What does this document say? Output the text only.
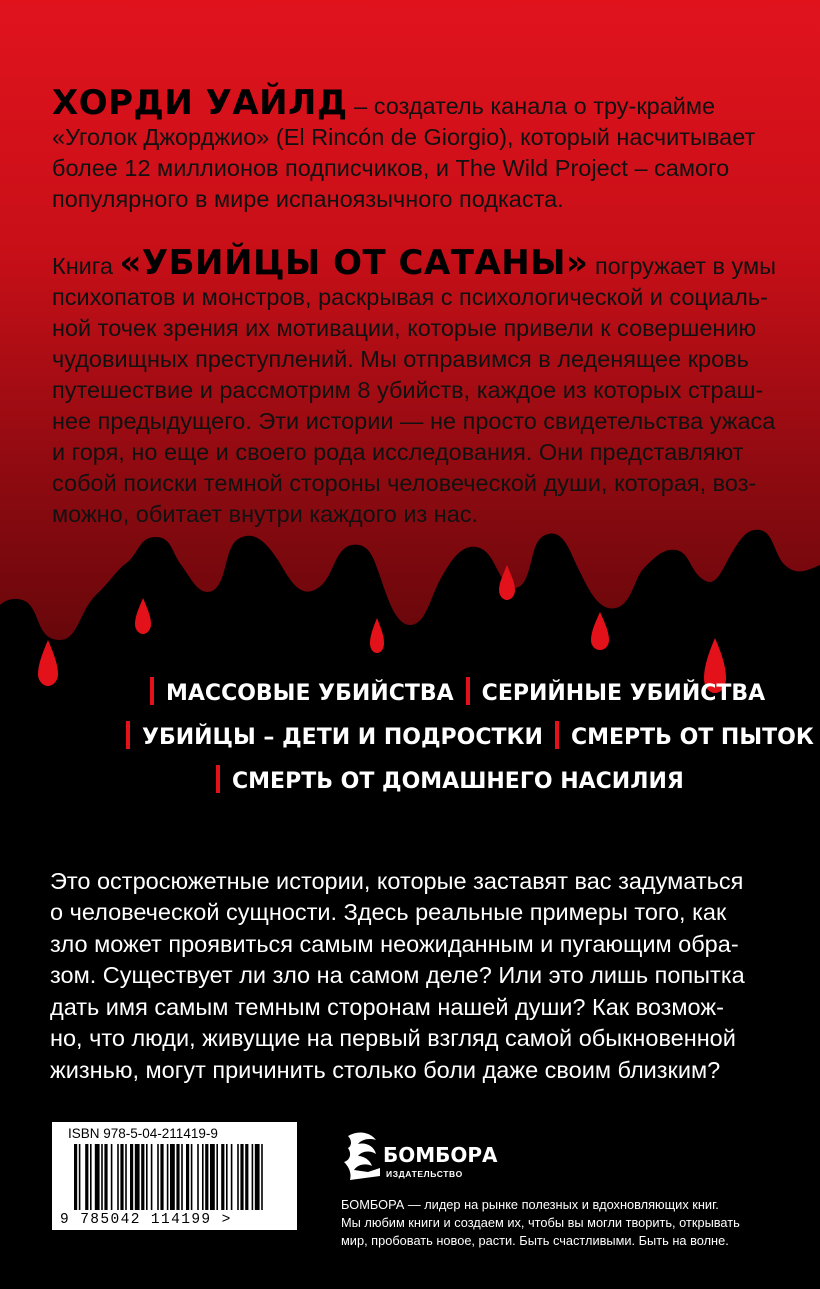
ХОРДИ УАЙЛД – создатель канала о тру-крайме
«Уголок Джорджио» (El Rincón de Giorgio), который насчитывает
более 12 миллионов подписчиков, и The Wild Project – самого
популярного в мире испаноязычного подкаста.

Книга «УБИЙЦЫ ОТ САТАНЫ» погружает в умы
психопатов и монстров, раскрывая с психологической и социаль-
ной точек зрения их мотивации, которые привели к совершению
чудовищных преступлений. Мы отправимся в леденящее кровь
путешествие и рассмотрим 8 убийств, каждое из которых страш-
нее предыдущего. Эти истории — не просто свидетельства ужаса
и горя, но еще и своего рода исследования. Они представляют
собой поиски темной стороны человеческой души, которая, воз-
можно, обитает внутри каждого из нас.

МАССОВЫЕ УБИЙСТВА СЕРИЙНЫЕ УБИЙСТВА
УБИЙЦЫ – ДЕТИ И ПОДРОСТКИ СМЕРТЬ ОТ ПЫТОК
СМЕРТЬ ОТ ДОМАШНЕГО НАСИЛИЯ

Это остросюжетные истории, которые заставят вас задуматься
о человеческой сущности. Здесь реальные примеры того, как
зло может проявиться самым неожиданным и пугающим обра-
зом. Существует ли зло на самом деле? Или это лишь попытка
дать имя самым темным сторонам нашей души? Как возмож-
но, что люди, живущие на первый взгляд самой обыкновенной
жизнью, могут причинить столько боли даже своим близким?

ISBN 978-5-04-211419-9
9 785042 114199 >
БОМБОРА
ИЗДАТЕЛЬСТВО
БОМБОРА — лидер на рынке полезных и вдохновляющих книг.
Мы любим книги и создаем их, чтобы вы могли творить, открывать
мир, пробовать новое, расти. Быть счастливыми. Быть на волне.
